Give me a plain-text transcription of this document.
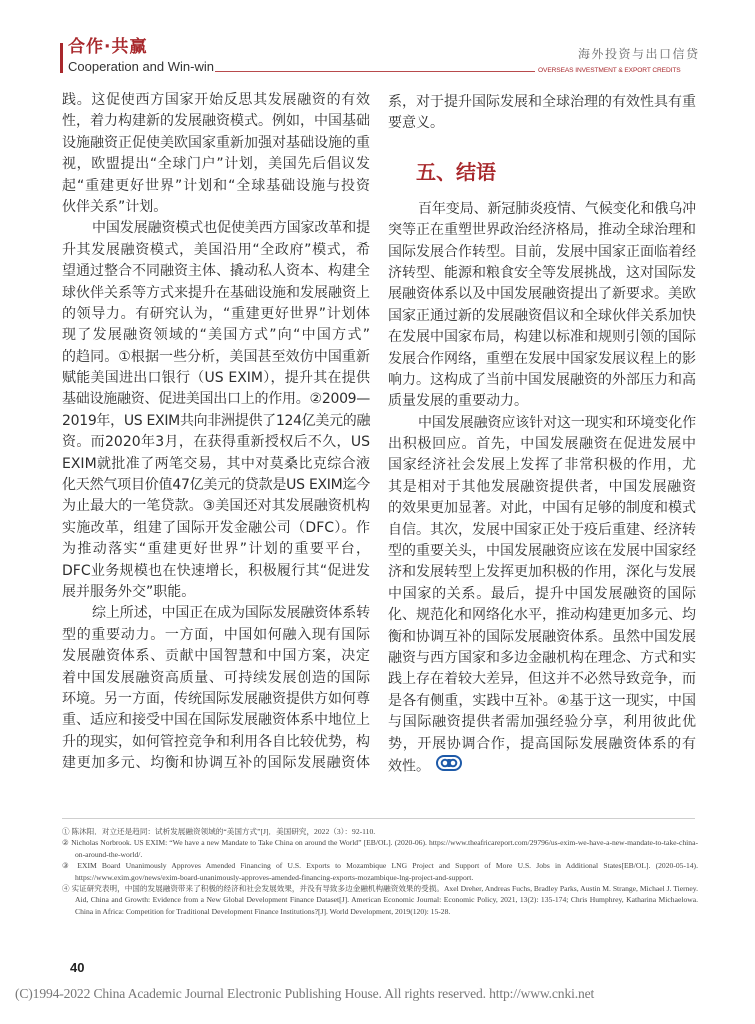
合作·共赢
Cooperation and Win-win
海外投资与出口信贷
OVERSEAS INVESTMENT & EXPORT CREDITS
践。这促使西方国家开始反思其发展融资的有效
性，着力构建新的发展融资模式。例如，中国基础
设施融资正促使美欧国家重新加强对基础设施的重
视，欧盟提出“全球门户”计划，美国先后倡议发
起“重建更好世界”计划和“全球基础设施与投资
伙伴关系”计划。
中国发展融资模式也促使美西方国家改革和提
升其发展融资模式，美国沿用“全政府”模式，希
望通过整合不同融资主体、撬动私人资本、构建全
球伙伴关系等方式来提升在基础设施和发展融资上
的领导力。有研究认为，“重建更好世界”计划体
现了发展融资领域的“美国方式”向“中国方式”
的趋同。①根据一些分析，美国甚至效仿中国重新
赋能美国进出口银行（US EXIM），提升其在提供
基础设施融资、促进美国出口上的作用。②2009—
2019年，US EXIM共向非洲提供了124亿美元的融
资。而2020年3月，在获得重新授权后不久，US
EXIM就批准了两笔交易，其中对莫桑比克综合液
化天然气项目价值47亿美元的贷款是US EXIM迄今
为止最大的一笔贷款。③美国还对其发展融资机构
实施改革，组建了国际开发金融公司（DFC）。作
为推动落实“重建更好世界”计划的重要平台，
DFC业务规模也在快速增长，积极履行其“促进发
展并服务外交”职能。
综上所述，中国正在成为国际发展融资体系转
型的重要动力。一方面，中国如何融入现有国际
发展融资体系、贡献中国智慧和中国方案，决定
着中国发展融资高质量、可持续发展创造的国际
环境。另一方面，传统国际发展融资提供方如何尊
重、适应和接受中国在国际发展融资体系中地位上
升的现实，如何管控竞争和利用各自比较优势，构
建更加多元、均衡和协调互补的国际发展融资体
系，对于提升国际发展和全球治理的有效性具有重
要意义。
五、结语
百年变局、新冠肺炎疫情、气候变化和俄乌冲
突等正在重塑世界政治经济格局，推动全球治理和
国际发展合作转型。目前，发展中国家正面临着经
济转型、能源和粮食安全等发展挑战，这对国际发
展融资体系以及中国发展融资提出了新要求。美欧
国家正通过新的发展融资倡议和全球伙伴关系加快
在发展中国家布局，构建以标准和规则引领的国际
发展合作网络，重塑在发展中国家发展议程上的影
响力。这构成了当前中国发展融资的外部压力和高
质量发展的重要动力。
中国发展融资应该针对这一现实和环境变化作
出积极回应。首先，中国发展融资在促进发展中
国家经济社会发展上发挥了非常积极的作用，尤
其是相对于其他发展融资提供者，中国发展融资
的效果更加显著。对此，中国有足够的制度和模式
自信。其次，发展中国家正处于疫后重建、经济转
型的重要关头，中国发展融资应该在发展中国家经
济和发展转型上发挥更加积极的作用，深化与发展
中国家的关系。最后，提升中国发展融资的国际
化、规范化和网络化水平，推动构建更加多元、均
衡和协调互补的国际发展融资体系。虽然中国发展
融资与西方国家和多边金融机构在理念、方式和实
践上存在着较大差异，但这并不必然导致竞争，而
是各有侧重，实践中互补。④基于这一现实，中国
与国际融资提供者需加强经验分享，利用彼此优
势，开展协调合作，提高国际发展融资体系的有
效性。
① 陈沐阳．对立还是趋同：试析发展融资领域的“美国方式”[J]．美国研究，2022（3）：92-110.
② Nicholas Norbrook. US EXIM: “We have a new Mandate to Take China on around the World” [EB/OL]. (2020-06). https://www.theafricareport.com/29796/us-exim-we-have-a-new-mandate-to-take-china-on-around-the-world/.
③ EXIM Board Unanimously Approves Amended Financing of U.S. Exports to Mozambique LNG Project and Support of More U.S. Jobs in Additional States[EB/OL]. (2020-05-14). https://www.exim.gov/news/exim-board-unanimously-approves-amended-financing-exports-mozambique-lng-project-and-support.
④ 实证研究表明，中国的发展融资带来了积极的经济和社会发展效果，并没有导致多边金融机构融资效果的受损。Axel Dreher, Andreas Fuchs, Bradley Parks, Austin M. Strange, Michael J. Tierney. Aid, China and Growth: Evidence from a New Global Development Finance Dataset[J]. American Economic Journal: Economic Policy, 2021, 13(2): 135-174; Chris Humphrey, Katharina Michaelowa. China in Africa: Competition for Traditional Development Finance Institutions?[J]. World Development, 2019(120): 15-28.
40
(C)1994-2022 China Academic Journal Electronic Publishing House. All rights reserved. http://www.cnki.net
